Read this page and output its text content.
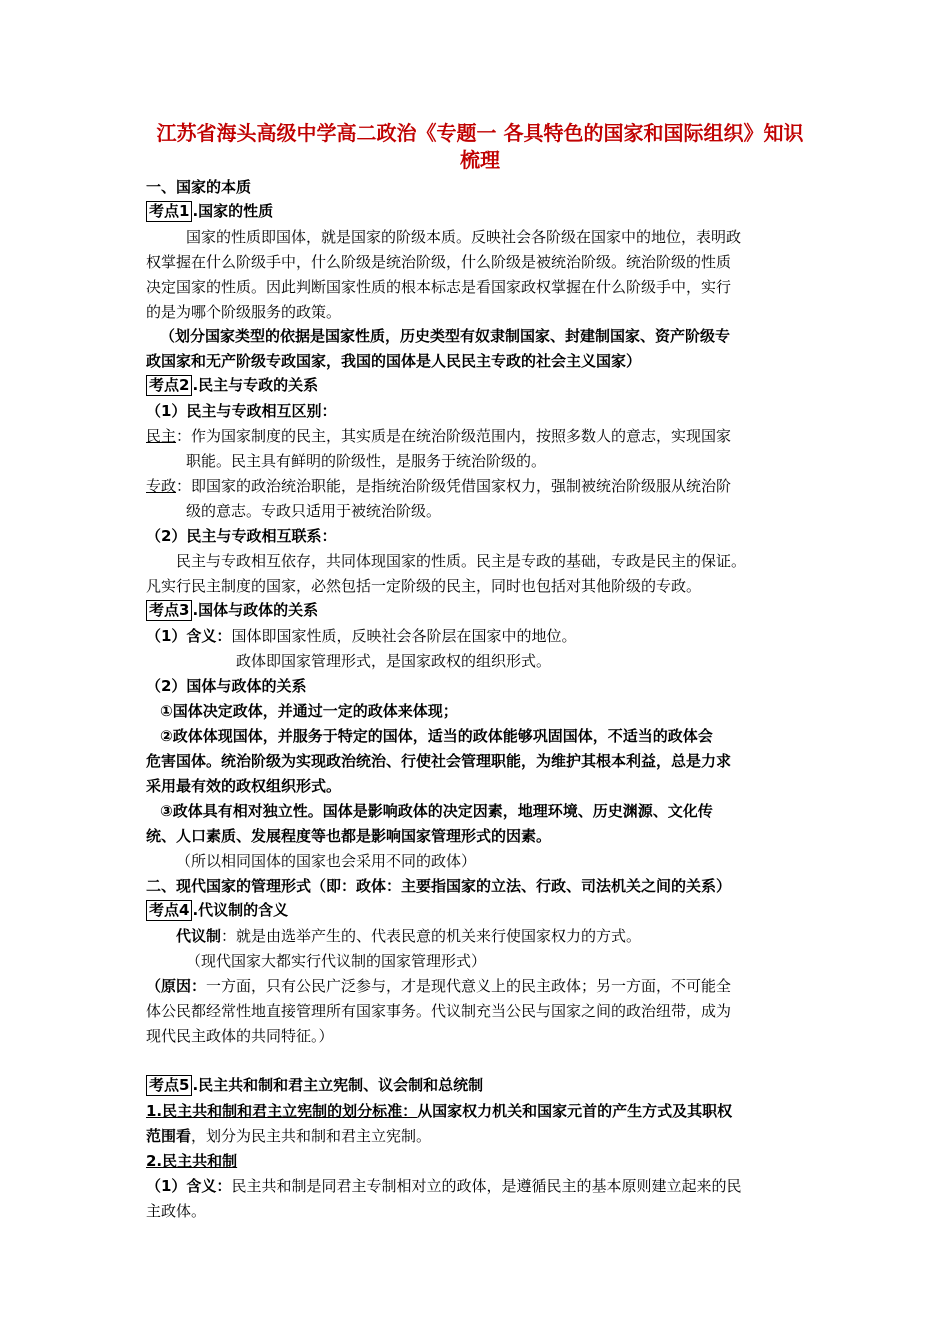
江苏省海头高级中学高二政治《专题一 各具特色的国家和国际组织》知识梳理
一、国家的本质
考点1 .国家的性质
国家的性质即国体，就是国家的阶级本质。反映社会各阶级在国家中的地位，表明政
权掌握在什么阶级手中，什么阶级是统治阶级，什么阶级是被统治阶级。统治阶级的性质
决定国家的性质。因此判断国家性质的根本标志是看国家政权掌握在什么阶级手中，实行
的是为哪个阶级服务的政策。
（划分国家类型的依据是国家性质，历史类型有奴隶制国家、封建制国家、资产阶级专
政国家和无产阶级专政国家，我国的国体是人民民主专政的社会主义国家）
考点2 .民主与专政的关系
（1）民主与专政相互区别：
民主：作为国家制度的民主，其实质是在统治阶级范围内，按照多数人的意志，实现国家
职能。民主具有鲜明的阶级性，是服务于统治阶级的。
专政：即国家的政治统治职能，是指统治阶级凭借国家权力，强制被统治阶级服从统治阶
级的意志。专政只适用于被统治阶级。
（2）民主与专政相互联系：
民主与专政相互依存，共同体现国家的性质。民主是专政的基础，专政是民主的保证。
凡实行民主制度的国家，必然包括一定阶级的民主，同时也包括对其他阶级的专政。
考点3 .国体与政体的关系
（1）含义：国体即国家性质，反映社会各阶层在国家中的地位。
政体即国家管理形式，是国家政权的组织形式。
（2）国体与政体的关系
①国体决定政体，并通过一定的政体来体现；
②政体体现国体，并服务于特定的国体，适当的政体能够巩固国体，不适当的政体会
危害国体。统治阶级为实现政治统治、行使社会管理职能，为维护其根本利益，总是力求
采用最有效的政权组织形式。
③政体具有相对独立性。国体是影响政体的决定因素，地理环境、历史渊源、文化传
统、人口素质、发展程度等也都是影响国家管理形式的因素。
（所以相同国体的国家也会采用不同的政体）
二、现代国家的管理形式（即：政体：主要指国家的立法、行政、司法机关之间的关系）
考点4 .代议制的含义
代议制：就是由选举产生的、代表民意的机关来行使国家权力的方式。
（现代国家大都实行代议制的国家管理形式）
（原因：一方面，只有公民广泛参与，才是现代意义上的民主政体；另一方面，不可能全
体公民都经常性地直接管理所有国家事务。代议制充当公民与国家之间的政治纽带，成为
现代民主政体的共同特征。）
考点5 .民主共和制和君主立宪制、议会制和总统制
1.民主共和制和君主立宪制的划分标准：从国家权力机关和国家元首的产生方式及其职权
范围看，划分为民主共和制和君主立宪制。
2.民主共和制
（1）含义：民主共和制是同君主专制相对立的政体，是遵循民主的基本原则建立起来的民
主政体。
